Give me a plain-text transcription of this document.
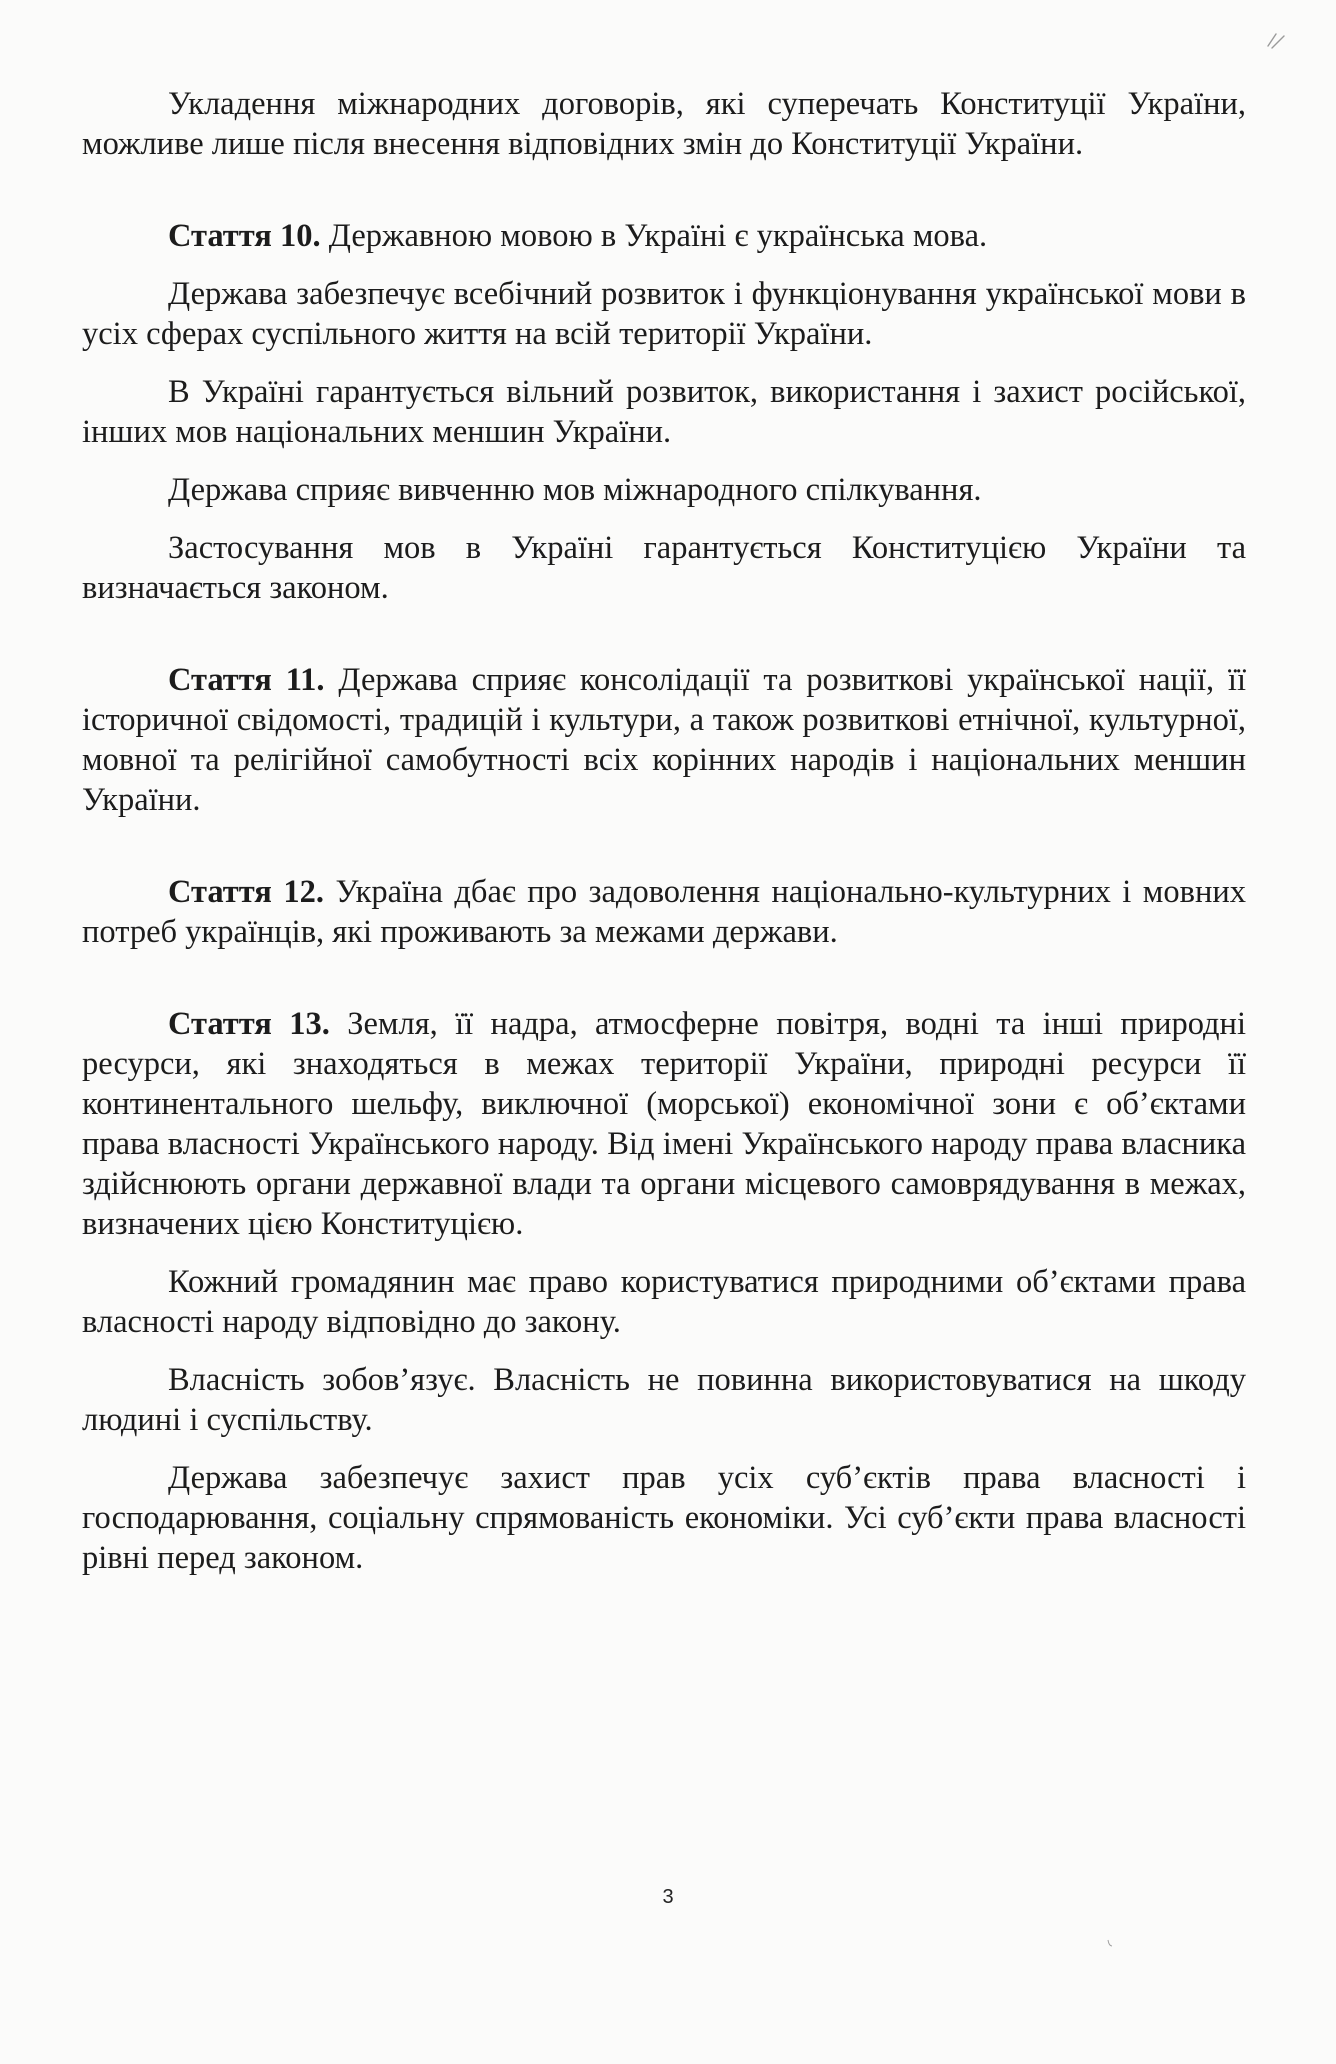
Укладення міжнародних договорів, які суперечать Конституції України, можливе лише після внесення відповідних змін до Конституції України.

Стаття 10. Державною мовою в Україні є українська мова.

Держава забезпечує всебічний розвиток і функціонування української мови в усіх сферах суспільного життя на всій території України.

В Україні гарантується вільний розвиток, використання і захист російської, інших мов національних меншин України.

Держава сприяє вивченню мов міжнародного спілкування.

Застосування мов в Україні гарантується Конституцією України та визначається законом.

Стаття 11. Держава сприяє консолідації та розвиткові української нації, її історичної свідомості, традицій і культури, а також розвиткові етнічної, культурної, мовної та релігійної самобутності всіх корінних народів і національних меншин України.

Стаття 12. Україна дбає про задоволення національно-культурних і мовних потреб українців, які проживають за межами держави.

Стаття 13. Земля, її надра, атмосферне повітря, водні та інші природні ресурси, які знаходяться в межах території України, природні ресурси її континентального шельфу, виключної (морської) економічної зони є об’єктами права власності Українського народу. Від імені Українського народу права власника здійснюють органи державної влади та органи місцевого самоврядування в межах, визначених цією Конституцією.

Кожний громадянин має право користуватися природними об’єктами права власності народу відповідно до закону.

Власність зобов’язує. Власність не повинна використовуватися на шкоду людині і суспільству.

Держава забезпечує захист прав усіх суб’єктів права власності і господарювання, соціальну спрямованість економіки. Усі суб’єкти права власності рівні перед законом.

3
